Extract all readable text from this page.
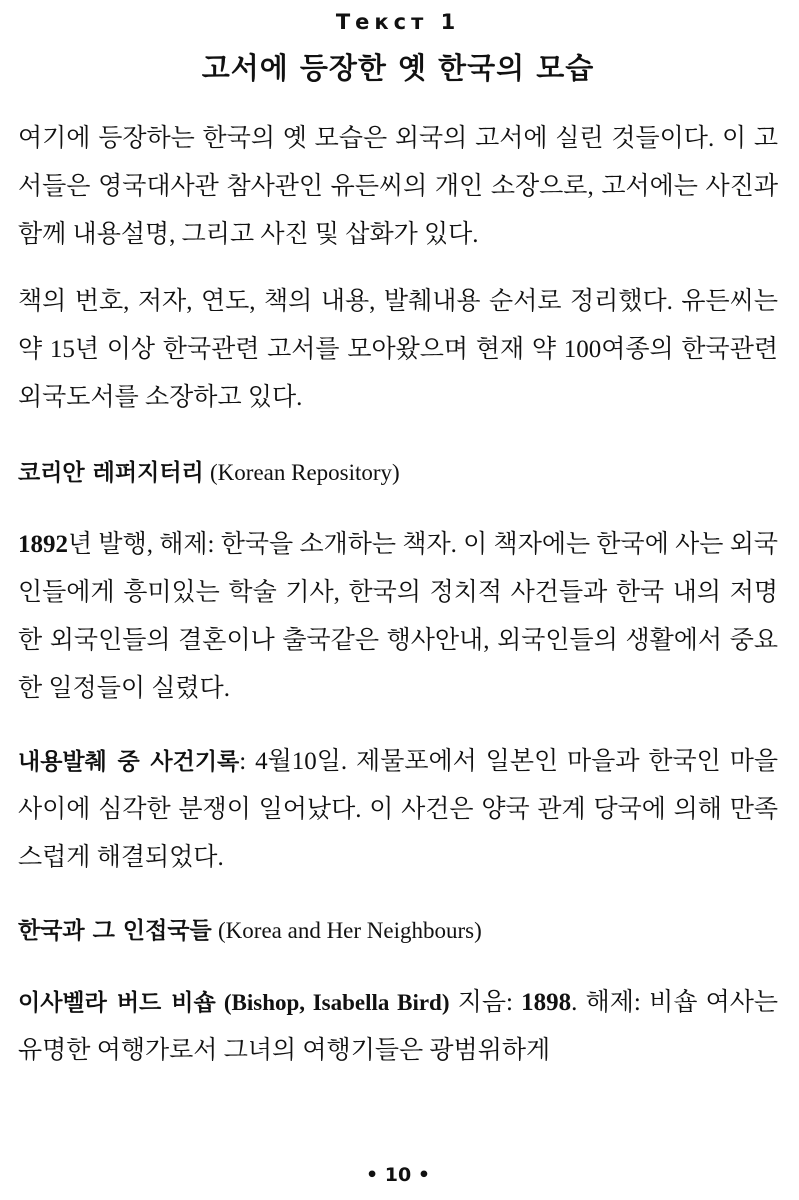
Текст 1
고서에 등장한 옛 한국의 모습

여기에 등장하는 한국의 옛 모습은 외국의 고서에 실린 것들이다. 이 고서들은 영국대사관 참사관인 유든씨의 개인 소장으로, 고서에는 사진과 함께 내용설명, 그리고 사진 및 삽화가 있다.

책의 번호, 저자, 연도, 책의 내용, 발췌내용 순서로 정리했다. 유든씨는 약 15년 이상 한국관련 고서를 모아왔으며 현재 약 100여종의 한국관련 외국도서를 소장하고 있다.

코리안 레퍼지터리 (Korean Repository)

1892년 발행, 해제: 한국을 소개하는 책자. 이 책자에는 한국에 사는 외국인들에게 흥미있는 학술 기사, 한국의 정치적 사건들과 한국 내의 저명한 외국인들의 결혼이나 출국같은 행사안내, 외국인들의 생활에서 중요한 일정들이 실렸다.

내용발췌 중 사건기록: 4월10일. 제물포에서 일본인 마을과 한국인 마을 사이에 심각한 분쟁이 일어났다. 이 사건은 양국 관계 당국에 의해 만족스럽게 해결되었다.

한국과 그 인접국들 (Korea and Her Neighbours)

이사벨라 버드 비숍 (Bishop, Isabella Bird) 지음: 1898. 해제: 비숍 여사는 유명한 여행가로서 그녀의 여행기들은 광범위하게

• 10 •
